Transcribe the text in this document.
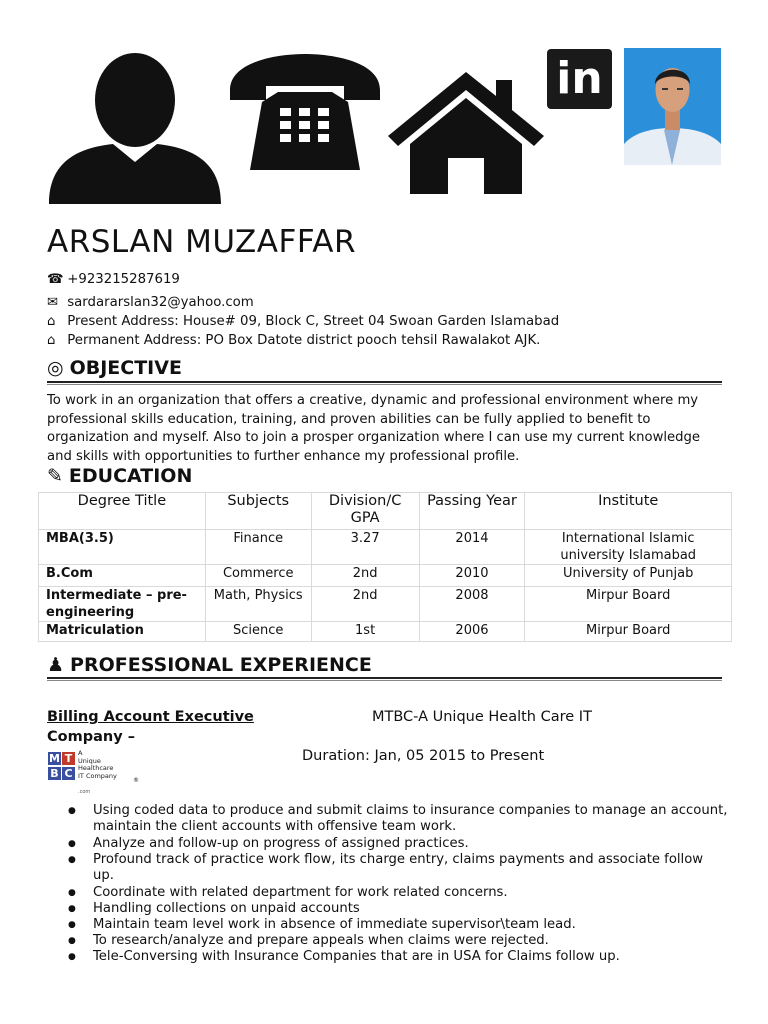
in
ARSLAN MUZAFFAR
☎ +923215287619
✉ sardararslan32@yahoo.com
⌂ Present Address: House# 09, Block C, Street 04 Swoan Garden Islamabad
⌂ Permanent Address: PO Box Datote district pooch tehsil Rawalakot AJK.
◎ OBJECTIVE
To work in an organization that offers a creative, dynamic and professional environment where my professional skills education, training, and proven abilities can be fully applied to benefit to organization and myself. Also to join a prosper organization where I can use my current knowledge and skills with opportunities to further enhance my professional profile.
✎ EDUCATION
Degree Title	Subjects	Division/C GPA	Passing Year	Institute
MBA(3.5)	Finance	3.27	2014	International Islamic university Islamabad
B.Com	Commerce	2nd	2010	University of Punjab
Intermediate – pre-engineering	Math, Physics	2nd	2008	Mirpur Board
Matriculation	Science	1st	2006	Mirpur Board
♟ PROFESSIONAL EXPERIENCE
Billing Account Executive	MTBC-A Unique Health Care IT
Company –
Duration: Jan, 05 2015 to Present
M T
B C
A
Unique
Healthcare
IT Company
®
.com
● Using coded data to produce and submit claims to insurance companies to manage an account, maintain the client accounts with offensive team work.
● Analyze and follow-up on progress of assigned practices.
● Profound track of practice work flow, its charge entry, claims payments and associate follow up.
● Coordinate with related department for work related concerns.
● Handling collections on unpaid accounts
● Maintain team level work in absence of immediate supervisor\team lead.
● To research/analyze and prepare appeals when claims were rejected.
● Tele-Conversing with Insurance Companies that are in USA for Claims follow up.
